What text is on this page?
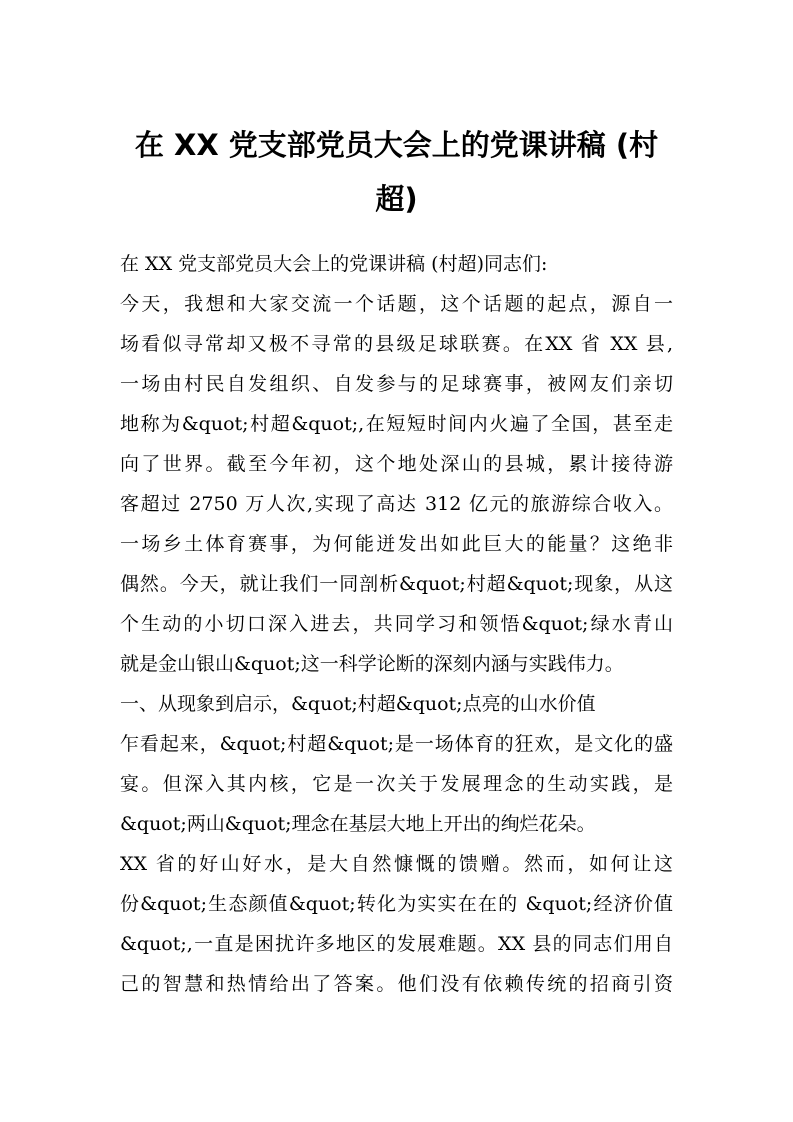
在 XX 党支部党员大会上的党课讲稿 (村
超)
在 XX 党支部党员大会上的党课讲稿 (村超)同志们:
今天，我想和大家交流一个话题，这个话题的起点，源自一
场看似寻常却又极不寻常的县级足球联赛。在XX 省 XX 县,
一场由村民自发组织、自发参与的足球赛事，被网友们亲切
地称为&quot;村超&quot;,在短短时间内火遍了全国，甚至走
向了世界。截至今年初，这个地处深山的县城，累计接待游
客超过 2750 万人次,实现了高达 312 亿元的旅游综合收入。
一场乡土体育赛事，为何能迸发出如此巨大的能量？这绝非
偶然。今天，就让我们一同剖析&quot;村超&quot;现象，从这
个生动的小切口深入进去，共同学习和领悟&quot;绿水青山
就是金山银山&quot;这一科学论断的深刻内涵与实践伟力。
一、从现象到启示，&quot;村超&quot;点亮的山水价值
乍看起来，&quot;村超&quot;是一场体育的狂欢，是文化的盛
宴。但深入其内核，它是一次关于发展理念的生动实践，是
&quot;两山&quot;理念在基层大地上开出的绚烂花朵。
XX 省的好山好水，是大自然慷慨的馈赠。然而，如何让这
份&quot;生态颜值&quot;转化为实实在在的 &quot;经济价值
&quot;,一直是困扰许多地区的发展难题。XX 县的同志们用自
己的智慧和热情给出了答案。他们没有依赖传统的招商引资
